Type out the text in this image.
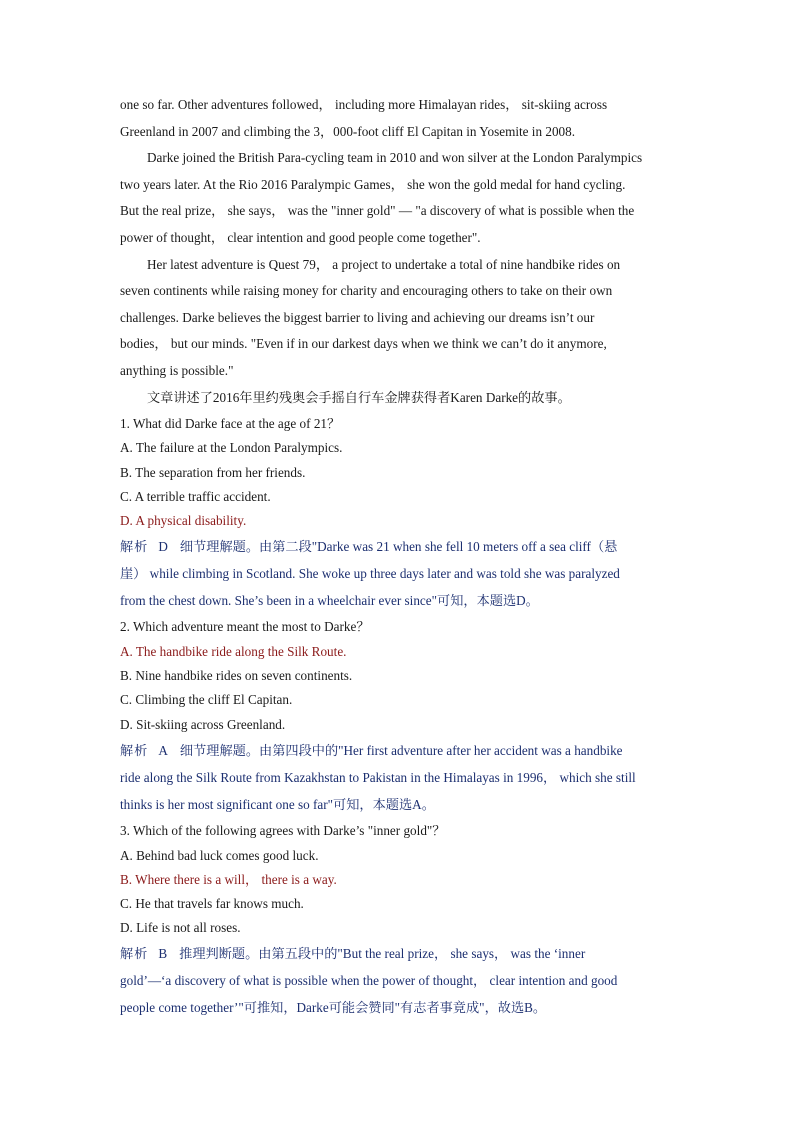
one so far. Other adventures followed， including more Himalayan rides， sit-skiing across
Greenland in 2007 and climbing the 3，000-foot cliff El Capitan in Yosemite in 2008.
Darke joined the British Para-cycling team in 2010 and won silver at the London Paralympics
two years later. At the Rio 2016 Paralympic Games， she won the gold medal for hand cycling.
But the real prize， she says， was the "inner gold" — "a discovery of what is possible when the
power of thought， clear intention and good people come together".
Her latest adventure is Quest 79， a project to undertake a total of nine handbike rides on
seven continents while raising money for charity and encouraging others to take on their own
challenges. Darke believes the biggest barrier to living and achieving our dreams isn’t our
bodies， but our minds. "Even if in our darkest days when we think we can’t do it anymore,
anything is possible."
文章讲述了2016年里约残奥会手摇自行车金牌获得者Karen Darke的故事。
1. What did Darke face at the age of 21？
A. The failure at the London Paralympics.
B. The separation from her friends.
C. A terrible traffic accident.
D. A physical disability.
解析 D 细节理解题。由第二段"Darke was 21 when she fell 10 meters off a sea cliff（悬
崖） while climbing in Scotland. She woke up three days later and was told she was paralyzed
from the chest down. She’s been in a wheelchair ever since"可知，本题选D。
2. Which adventure meant the most to Darke？
A. The handbike ride along the Silk Route.
B. Nine handbike rides on seven continents.
C. Climbing the cliff El Capitan.
D. Sit-skiing across Greenland.
解析 A 细节理解题。由第四段中的"Her first adventure after her accident was a handbike
ride along the Silk Route from Kazakhstan to Pakistan in the Himalayas in 1996， which she still
thinks is her most significant one so far"可知，本题选A。
3. Which of the following agrees with Darke’s "inner gold"？
A. Behind bad luck comes good luck.
B. Where there is a will， there is a way.
C. He that travels far knows much.
D. Life is not all roses.
解析 B 推理判断题。由第五段中的"But the real prize， she says， was the ‘inner
gold’—‘a discovery of what is possible when the power of thought， clear intention and good
people come together’"可推知，Darke可能会赞同"有志者事竟成"，故选B。
